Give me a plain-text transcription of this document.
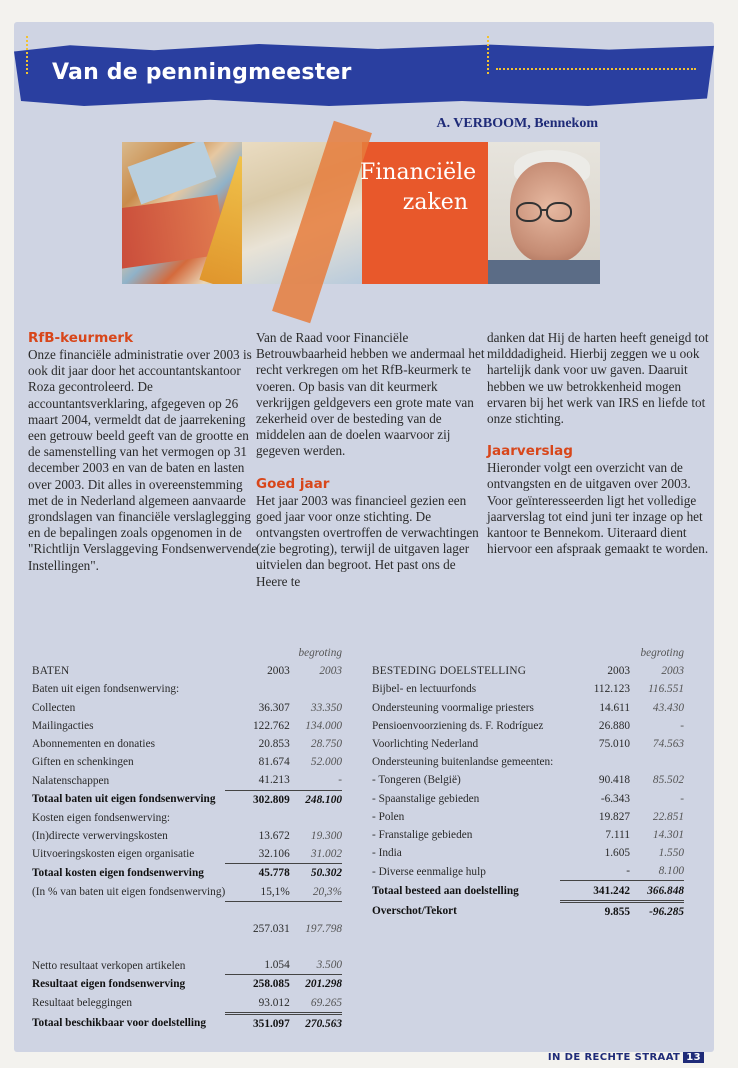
Van de penningmeester
A. VERBOOM, Bennekom
Financiële
zaken
RfB-keurmerk

Onze financiële administratie over 2003 is ook dit jaar door het accountantskantoor Roza gecontroleerd. De accountantsverklaring, afgegeven op 26 maart 2004, vermeldt dat de jaarrekening een getrouw beeld geeft van de grootte en de samenstelling van het vermogen op 31 december 2003 en van de baten en lasten over 2003. Dit alles in overeenstemming met de in Nederland algemeen aanvaarde grondslagen van financiële verslaglegging en de bepalingen zoals opgenomen in de "Richtlijn Verslaggeving Fondsenwervende Instellingen".

Van de Raad voor Financiële Betrouwbaarheid hebben we andermaal het recht verkregen om het RfB-keurmerk te voeren. Op basis van dit keurmerk verkrijgen geldgevers een grote mate van zekerheid over de besteding van de middelen aan de doelen waarvoor zij gegeven werden.

Goed jaar

Het jaar 2003 was financieel gezien een goed jaar voor onze stichting. De ontvangsten overtroffen de verwachtingen (zie begroting), terwijl de uitgaven lager uitvielen dan begroot. Het past ons de Heere te

danken dat Hij de harten heeft geneigd tot milddadigheid. Hierbij zeggen we u ook hartelijk dank voor uw gaven. Daaruit hebben we uw betrokkenheid mogen ervaren bij het werk van IRS en liefde tot onze stichting.

Jaarverslag

Hieronder volgt een overzicht van de ontvangsten en de uitgaven over 2003. Voor geïnteresseerden ligt het volledige jaarverslag tot eind juni ter inzage op het kantoor te Bennekom. Uiteraard dient hiervoor een afspraak gemaakt te worden.

		begroting
BATEN	2003	2003
Baten uit eigen fondsenwerving:		
Collecten	36.307	33.350
Mailingacties	122.762	134.000
Abonnementen en donaties	20.853	28.750
Giften en schenkingen	81.674	52.000
Nalatenschappen	41.213	-
Totaal baten uit eigen fondsenwerving	302.809	248.100
Kosten eigen fondsenwerving:		
(In)directe verwervingskosten	13.672	19.300
Uitvoeringskosten eigen organisatie	32.106	31.002
Totaal kosten eigen fondsenwerving	45.778	50.302
(In % van baten uit eigen fondsenwerving)	15,1%	20,3%

	257.031	197.798

Netto resultaat verkopen artikelen	1.054	3.500
Resultaat eigen fondsenwerving	258.085	201.298
Resultaat beleggingen	93.012	69.265
Totaal beschikbaar voor doelstelling	351.097	270.563
		begroting
BESTEDING DOELSTELLING	2003	2003
Bijbel- en lectuurfonds	112.123	116.551
Ondersteuning voormalige priesters	14.611	43.430
Pensioenvoorziening ds. F. Rodríguez	26.880	-
Voorlichting Nederland	75.010	74.563
Ondersteuning buitenlandse gemeenten:		
- Tongeren (België)	90.418	85.502
- Spaanstalige gebieden	-6.343	-
- Polen	19.827	22.851
- Franstalige gebieden	7.111	14.301
- India	1.605	1.550
- Diverse eenmalige hulp	-	8.100
Totaal besteed aan doelstelling	341.242	366.848
Overschot/Tekort	9.855	-96.285
IN DE RECHTE STRAAT 13
